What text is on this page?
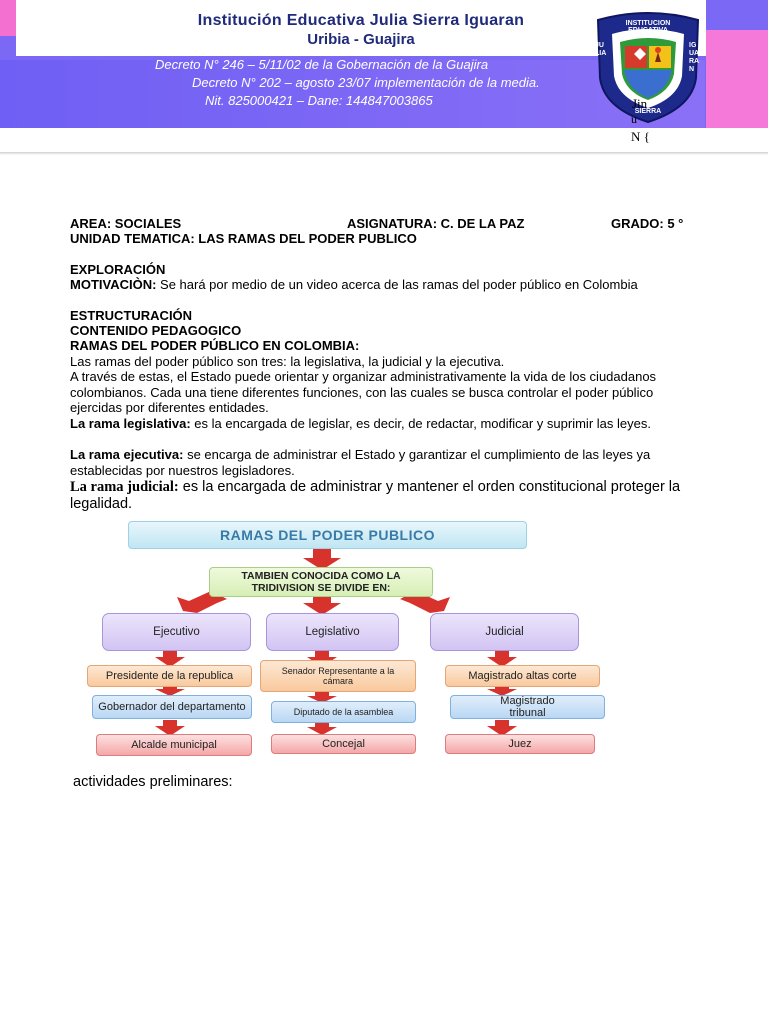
Institución Educativa Julia Sierra Iguaran
Uribia - Guajira
Decreto N° 246 – 5/11/02 de la Gobernación de la Guajira
Decreto N° 202 – agosto 23/07 implementación de la media.
Nit. 825000421 – Dane: 144847003865
INSTITUCION EDUCATIVA
JULIA
IGUARAN
SIERRA
Jin
u
N {
AREA: SOCIALES	ASIGNATURA: C. DE LA PAZ	GRADO: 5 °
UNIDAD TEMATICA: LAS RAMAS DEL PODER PUBLICO
EXPLORACIÓN
MOTIVACIÒN: Se hará por medio de un video acerca de las ramas del poder público en Colombia
ESTRUCTURACIÓN
CONTENIDO PEDAGOGICO
RAMAS DEL PODER PÚBLICO EN COLOMBIA:
Las ramas del poder público son tres: la legislativa, la judicial y la ejecutiva.
A través de estas, el Estado puede orientar y organizar administrativamente la vida de los ciudadanos colombianos. Cada una tiene diferentes funciones, con las cuales se busca controlar el poder público ejercidas por diferentes entidades.
La rama legislativa: es la encargada de legislar, es decir, de redactar, modificar y suprimir las leyes.
La rama ejecutiva: se encarga de administrar el Estado y garantizar el cumplimiento de las leyes ya establecidas por nuestros legisladores.
La rama judicial: es la encargada de administrar y mantener el orden constitucional proteger la legalidad.
RAMAS DEL PODER PUBLICO
TAMBIEN CONOCIDA COMO LA TRIDIVISION SE DIVIDE EN:
Ejecutivo	Legislativo	Judicial
Presidente de la republica
Gobernador del departamento
Alcalde municipal
Senador Representante a la cámara
Diputado de la asamblea
Concejal
Magistrado altas corte
Magistrado tribunal
Juez
actividades preliminares:
